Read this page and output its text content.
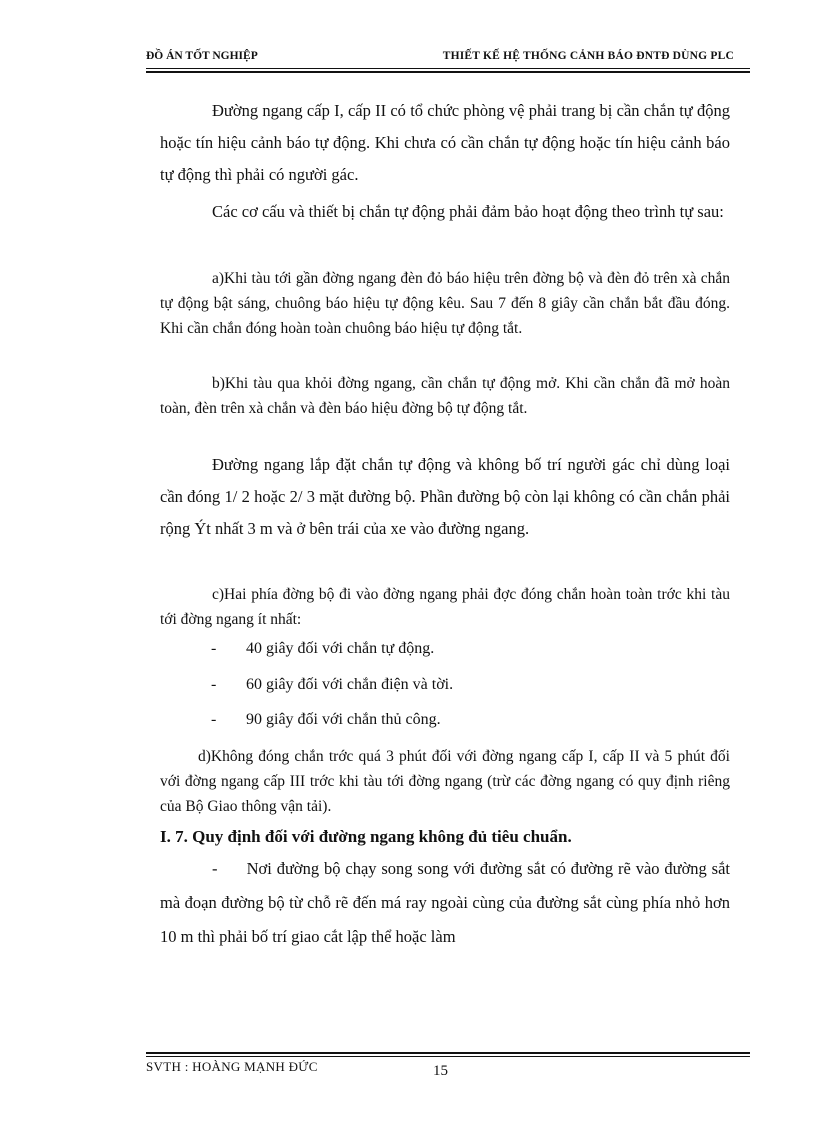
ĐỒ ÁN TỐT NGHIỆP	THIẾT KẾ HỆ THỐNG CẢNH BÁO ĐNTĐ DÙNG PLC
Đường ngang cấp I, cấp II có tổ chức phòng vệ phải trang bị cần chắn tự động hoặc tín hiệu cảnh báo tự động. Khi chưa có cần chắn tự động hoặc tín hiệu cảnh báo tự động thì phải có người gác.
Các cơ cấu và thiết bị chắn tự động phải đảm bảo hoạt động theo trình tự sau:
a)Khi tàu tới gần đờng ngang đèn đỏ báo hiệu trên đờng bộ và đèn đỏ trên xà chắn tự động bật sáng, chuông báo hiệu tự động kêu. Sau 7 đến 8 giây cần chắn bắt đầu đóng. Khi cần chắn đóng hoàn toàn chuông báo hiệu tự động tắt.
b)Khi tàu qua khỏi đờng ngang, cần chắn tự động mở. Khi cần chắn đã mở hoàn toàn, đèn trên xà chắn và đèn báo hiệu đờng bộ tự động tắt.
Đường ngang lắp đặt chắn tự động và không bố trí người gác chỉ dùng loại cần đóng 1/ 2 hoặc 2/ 3 mặt đường bộ. Phần đường bộ còn lại không có cần chắn phải rộng Ýt nhất 3 m và ở bên trái của xe vào đường ngang.
c)Hai phía đờng bộ đi vào đờng ngang phải đợc đóng chắn hoàn toàn trớc khi tàu tới đờng ngang ít nhất:
-	40 giây đối với chắn tự động.
-	60 giây đối với chắn điện và tời.
-	90 giây đối với chắn thủ công.
d)Không đóng chắn trớc quá 3 phút đối với đờng ngang cấp I, cấp II và 5 phút đối với đờng ngang cấp III trớc khi tàu tới đờng ngang (trừ các đờng ngang có quy định riêng của Bộ Giao thông vận tải).
I. 7. Quy định đối với đường ngang không đủ tiêu chuẩn.
-      Nơi đường bộ chạy song song với đường sắt có đường rẽ vào đường sắt mà đoạn đường bộ từ chỗ rẽ đến má ray ngoài cùng của đường sắt cùng phía nhỏ hơn 10 m thì phải bố trí giao cắt lập thể hoặc làm
SVTH : HOÀNG MẠNH ĐỨC	15
